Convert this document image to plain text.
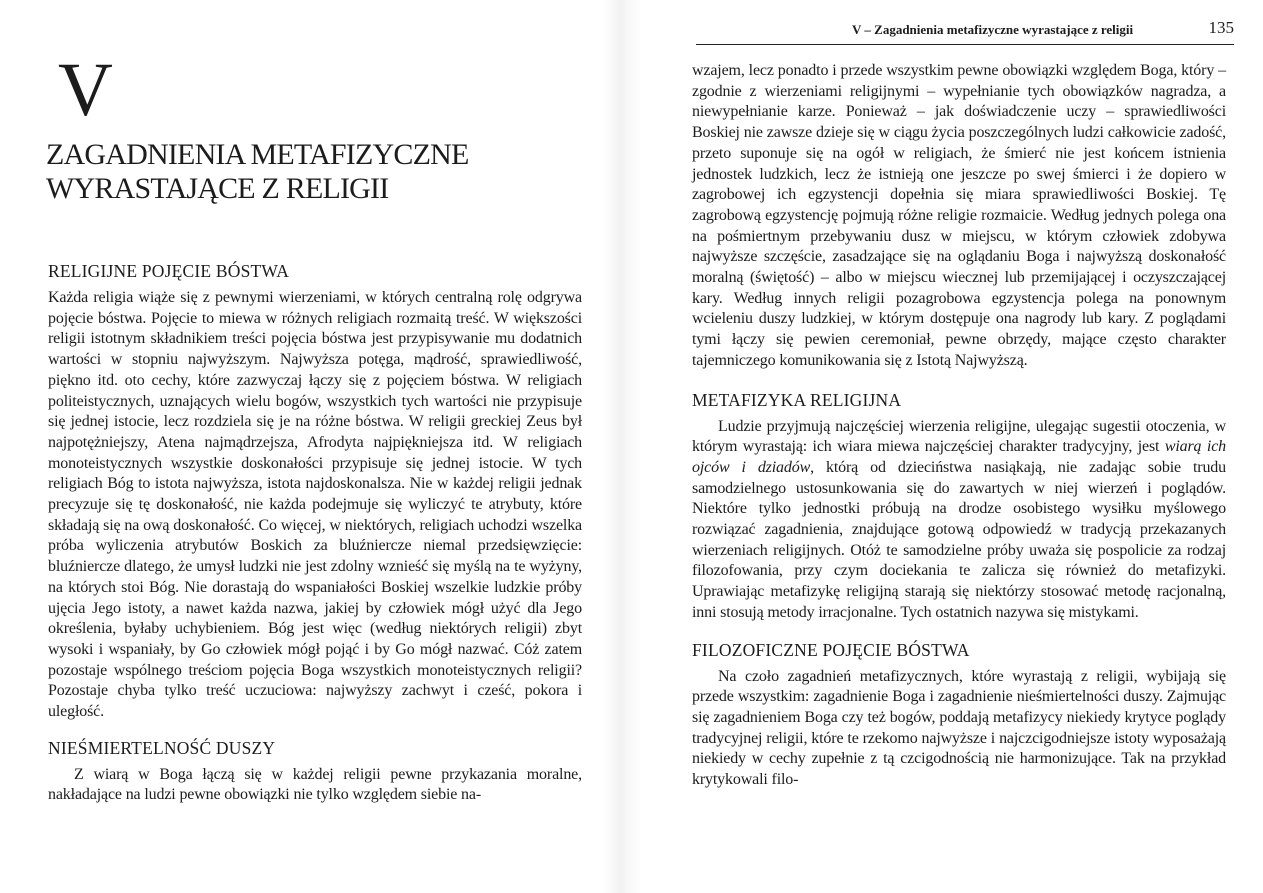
V
ZAGADNIENIA METAFIZYCZNE
WYRASTAJĄCE Z RELIGII
RELIGIJNE POJĘCIE BÓSTWA

Każda religia wiąże się z pewnymi wierzeniami, w których centralną rolę odgrywa pojęcie bóstwa. Pojęcie to miewa w różnych religiach rozmaitą treść. W większości religii istotnym składnikiem treści pojęcia bóstwa jest przypisywanie mu dodatnich wartości w stopniu najwyższym. Najwyższa potęga, mądrość, sprawiedliwość, piękno itd. oto cechy, które zazwyczaj łączy się z pojęciem bóstwa. W religiach politeistycznych, uznających wielu bogów, wszystkich tych wartości nie przypisuje się jednej istocie, lecz rozdziela się je na różne bóstwa. W religii greckiej Zeus był najpotężniejszy, Atena najmądrzejsza, Afrodyta najpiękniejsza itd. W religiach monoteistycznych wszystkie doskonałości przypisuje się jednej istocie. W tych religiach Bóg to istota najwyższa, istota najdoskonalsza. Nie w każdej religii jednak precyzuje się tę doskonałość, nie każda podejmuje się wyliczyć te atrybuty, które składają się na ową doskonałość. Co więcej, w niektórych, religiach uchodzi wszelka próba wyliczenia atrybutów Boskich za bluźniercze niemal przedsięwzięcie: bluźniercze dlatego, że umysł ludzki nie jest zdolny wznieść się myślą na te wyżyny, na których stoi Bóg. Nie dorastają do wspaniałości Boskiej wszelkie ludzkie próby ujęcia Jego istoty, a nawet każda nazwa, jakiej by człowiek mógł użyć dla Jego określenia, byłaby uchybieniem. Bóg jest więc (według niektórych religii) zbyt wysoki i wspaniały, by Go człowiek mógł pojąć i by Go mógł nazwać. Cóż zatem pozostaje wspólnego treściom pojęcia Boga wszystkich monoteistycznych religii? Pozostaje chyba tylko treść uczuciowa: najwyższy zachwyt i cześć, pokora i uległość.

NIEŚMIERTELNOŚĆ DUSZY

Z wiarą w Boga łączą się w każdej religii pewne przykazania moralne, nakładające na ludzi pewne obowiązki nie tylko względem siebie na-

V – Zagadnienia metafizyczne wyrastające z religii	135

wzajem, lecz ponadto i przede wszystkim pewne obowiązki względem Boga, który – zgodnie z wierzeniami religijnymi – wypełnianie tych obowiązków nagradza, a niewypełnianie karze. Ponieważ – jak doświadczenie uczy – sprawiedliwości Boskiej nie zawsze dzieje się w ciągu życia poszczególnych ludzi całkowicie zadość, przeto suponuje się na ogół w religiach, że śmierć nie jest końcem istnienia jednostek ludzkich, lecz że istnieją one jeszcze po swej śmierci i że dopiero w zagrobowej ich egzystencji dopełnia się miara sprawiedliwości Boskiej. Tę zagrobową egzystencję pojmują różne religie rozmaicie. Według jednych polega ona na pośmiertnym przebywaniu dusz w miejscu, w którym człowiek zdobywa najwyższe szczęście, zasadzające się na oglądaniu Boga i najwyższą doskonałość moralną (świętość) – albo w miejscu wiecznej lub przemijającej i oczyszczającej kary. Według innych religii pozagrobowa egzystencja polega na ponownym wcieleniu duszy ludzkiej, w którym dostępuje ona nagrody lub kary. Z poglądami tymi łączy się pewien ceremoniał, pewne obrzędy, mające często charakter tajemniczego komunikowania się z Istotą Najwyższą.

METAFIZYKA RELIGIJNA

Ludzie przyjmują najczęściej wierzenia religijne, ulegając sugestii otoczenia, w którym wyrastają: ich wiara miewa najczęściej charakter tradycyjny, jest wiarą ich ojców i dziadów, którą od dzieciństwa nasiąkają, nie zadając sobie trudu samodzielnego ustosunkowania się do zawartych w niej wierzeń i poglądów. Niektóre tylko jednostki próbują na drodze osobistego wysiłku myślowego rozwiązać zagadnienia, znajdujące gotową odpowiedź w tradycją przekazanych wierzeniach religijnych. Otóż te samodzielne próby uważa się pospolicie za rodzaj filozofowania, przy czym dociekania te zalicza się również do metafizyki. Uprawiając metafizykę religijną starają się niektórzy stosować metodę racjonalną, inni stosują metody irracjonalne. Tych ostatnich nazywa się mistykami.

FILOZOFICZNE POJĘCIE BÓSTWA

Na czoło zagadnień metafizycznych, które wyrastają z religii, wybijają się przede wszystkim: zagadnienie Boga i zagadnienie nieśmiertelności duszy. Zajmując się zagadnieniem Boga czy też bogów, poddają metafizycy niekiedy krytyce poglądy tradycyjnej religii, które te rzekomo najwyższe i najczcigodniejsze istoty wyposażają niekiedy w cechy zupełnie z tą czcigodnością nie harmonizujące. Tak na przykład krytykowali filo-
